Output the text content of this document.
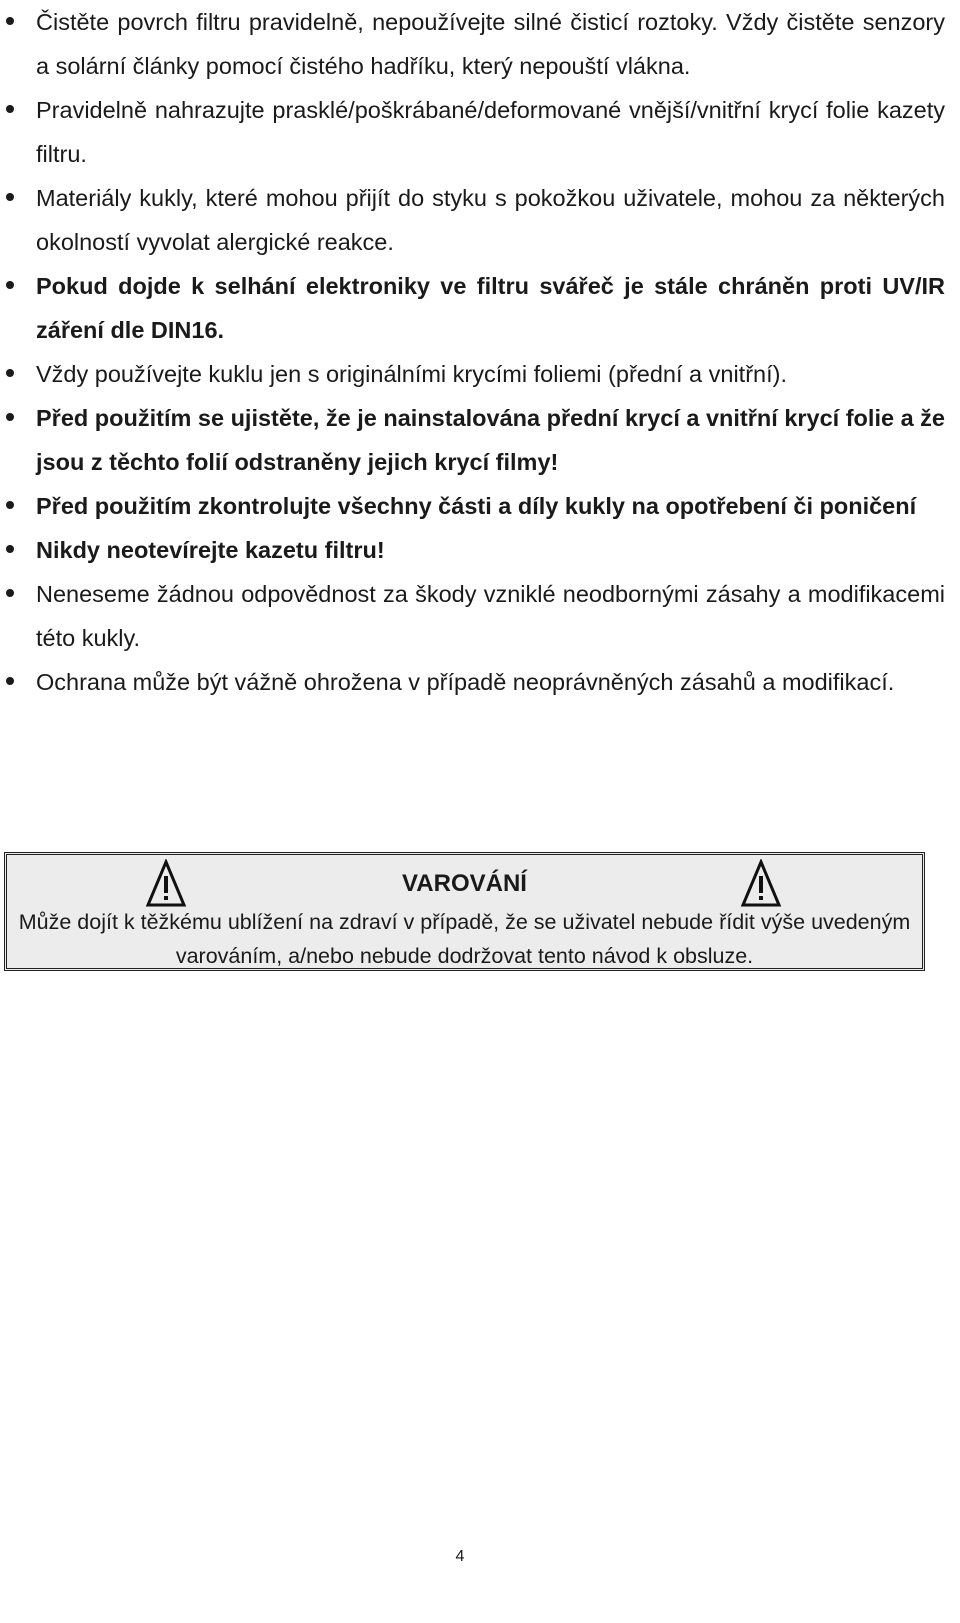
Čistěte povrch filtru pravidelně, nepoužívejte silné čisticí roztoky. Vždy čistěte senzory a solární články pomocí čistého hadříku, který nepouští vlákna.
Pravidelně nahrazujte prasklé/poškrábané/deformované vnější/vnitřní krycí folie kazety filtru.
Materiály kukly, které mohou přijít do styku s pokožkou uživatele, mohou za některých okolností vyvolat alergické reakce.
Pokud dojde k selhání elektroniky ve filtru svářeč je stále chráněn proti UV/IR záření dle DIN16.
Vždy používejte kuklu jen s originálními krycími foliemi (přední a vnitřní).
Před použitím se ujistěte, že je nainstalována přední krycí a vnitřní krycí folie a že jsou z těchto folií odstraněny jejich krycí filmy!
Před použitím zkontrolujte všechny části a díly kukly na opotřebení či poničení
Nikdy neotevírejte kazetu filtru!
Neneseme žádnou odpovědnost za škody vzniklé neodbornými zásahy a modifikacemi této kukly.
Ochrana může být vážně ohrožena v případě neoprávněných zásahů a modifikací.
VAROVÁNÍ
Může dojít k těžkému ublížení na zdraví v případě, že se uživatel nebude řídit výše uvedeným varováním, a/nebo nebude dodržovat tento návod k obsluze.
4
